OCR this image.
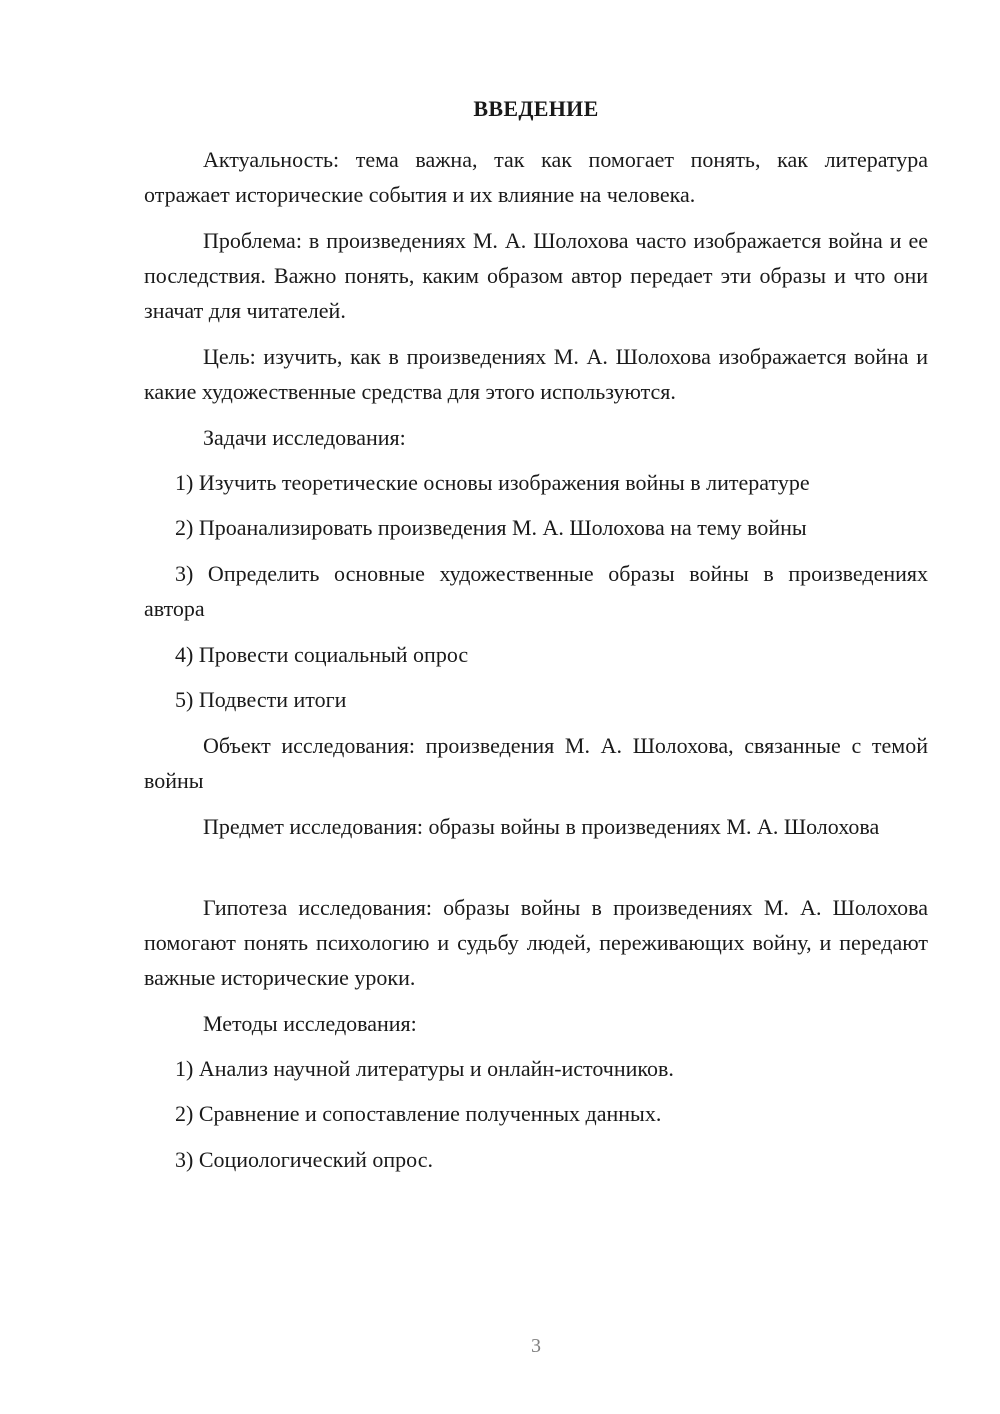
ВВЕДЕНИЕ
Актуальность: тема важна, так как помогает понять, как литература отражает исторические события и их влияние на человека.
Проблема: в произведениях М. А. Шолохова часто изображается война и ее последствия. Важно понять, каким образом автор передает эти образы и что они значат для читателей.
Цель: изучить, как в произведениях М. А. Шолохова изображается война и какие художественные средства для этого используются.
Задачи исследования:
1) Изучить теоретические основы изображения войны в литературе
2) Проанализировать произведения М. А. Шолохова на тему войны
3) Определить основные художественные образы войны в произведениях автора
4) Провести социальный опрос
5) Подвести итоги
Объект исследования: произведения М. А. Шолохова, связанные с темой войны
Предмет исследования: образы войны в произведениях М. А. Шолохова
Гипотеза исследования: образы войны в произведениях М. А. Шолохова помогают понять психологию и судьбу людей, переживающих войну, и передают важные исторические уроки.
Методы исследования:
1) Анализ научной литературы и онлайн-источников.
2) Сравнение и сопоставление полученных данных.
3) Социологический опрос.
3
